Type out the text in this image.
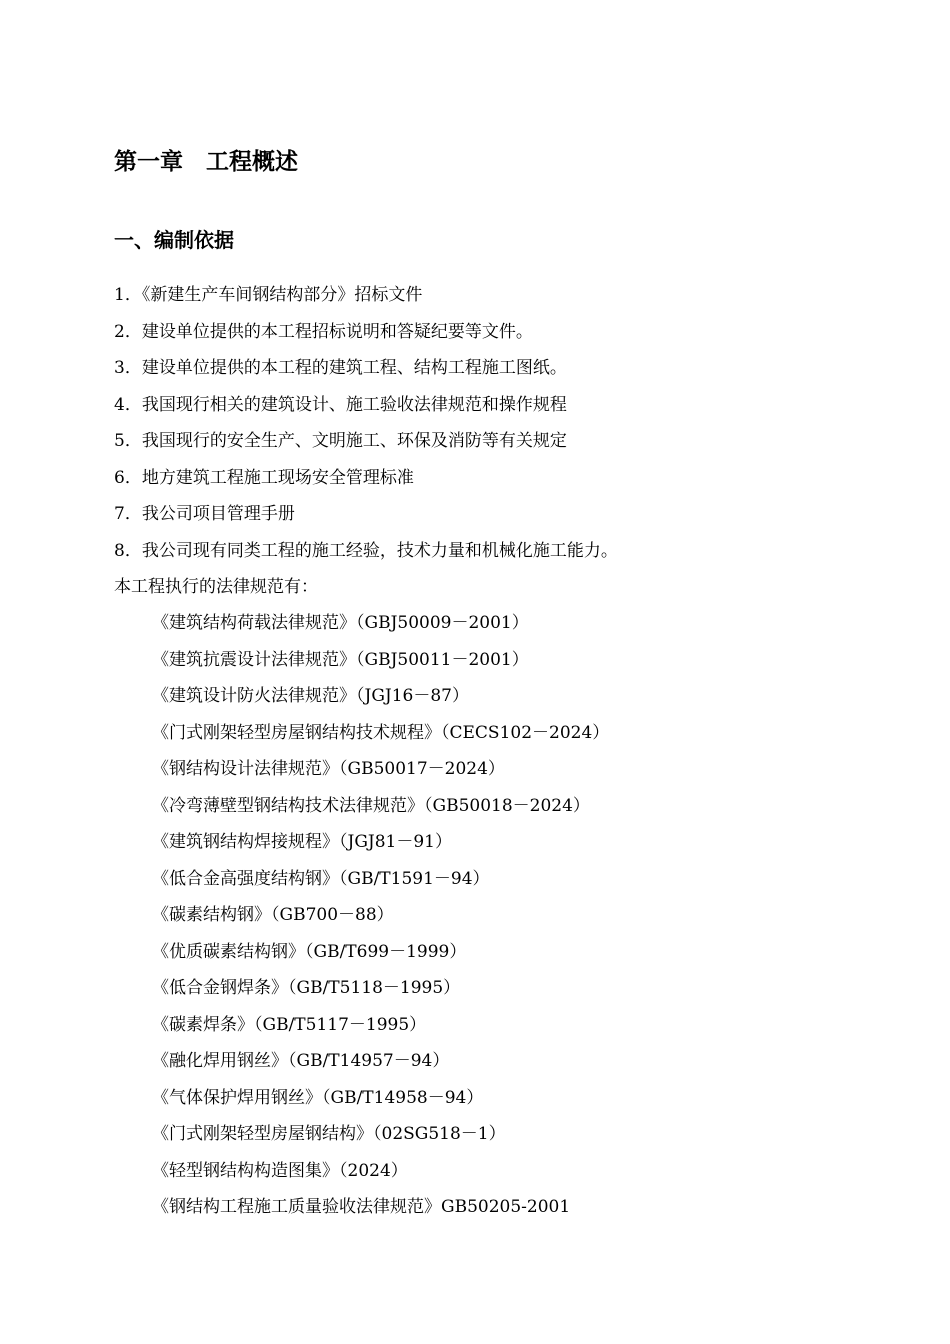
第一章　工程概述
一、编制依据
1．《新建生产车间钢结构部分》招标文件
2．建设单位提供的本工程招标说明和答疑纪要等文件。
3．建设单位提供的本工程的建筑工程、结构工程施工图纸。
4．我国现行相关的建筑设计、施工验收法律规范和操作规程
5．我国现行的安全生产、文明施工、环保及消防等有关规定
6．地方建筑工程施工现场安全管理标准
7．我公司项目管理手册
8．我公司现有同类工程的施工经验，技术力量和机械化施工能力。

本工程执行的法律规范有：

《建筑结构荷载法律规范》（GBJ50009－2001）
《建筑抗震设计法律规范》（GBJ50011－2001）
《建筑设计防火法律规范》（JGJ16－87）
《门式刚架轻型房屋钢结构技术规程》（CECS102－2024）
《钢结构设计法律规范》（GB50017－2024）
《冷弯薄壁型钢结构技术法律规范》（GB50018－2024）
《建筑钢结构焊接规程》（JGJ81－91）
《低合金高强度结构钢》（GB/T1591－94）
《碳素结构钢》（GB700－88）
《优质碳素结构钢》（GB/T699－1999）
《低合金钢焊条》（GB/T5118－1995）
《碳素焊条》（GB/T5117－1995）
《融化焊用钢丝》（GB/T14957－94）
《气体保护焊用钢丝》（GB/T14958－94）
《门式刚架轻型房屋钢结构》（02SG518－1）
《轻型钢结构构造图集》（2024）
《钢结构工程施工质量验收法律规范》GB50205-2001
